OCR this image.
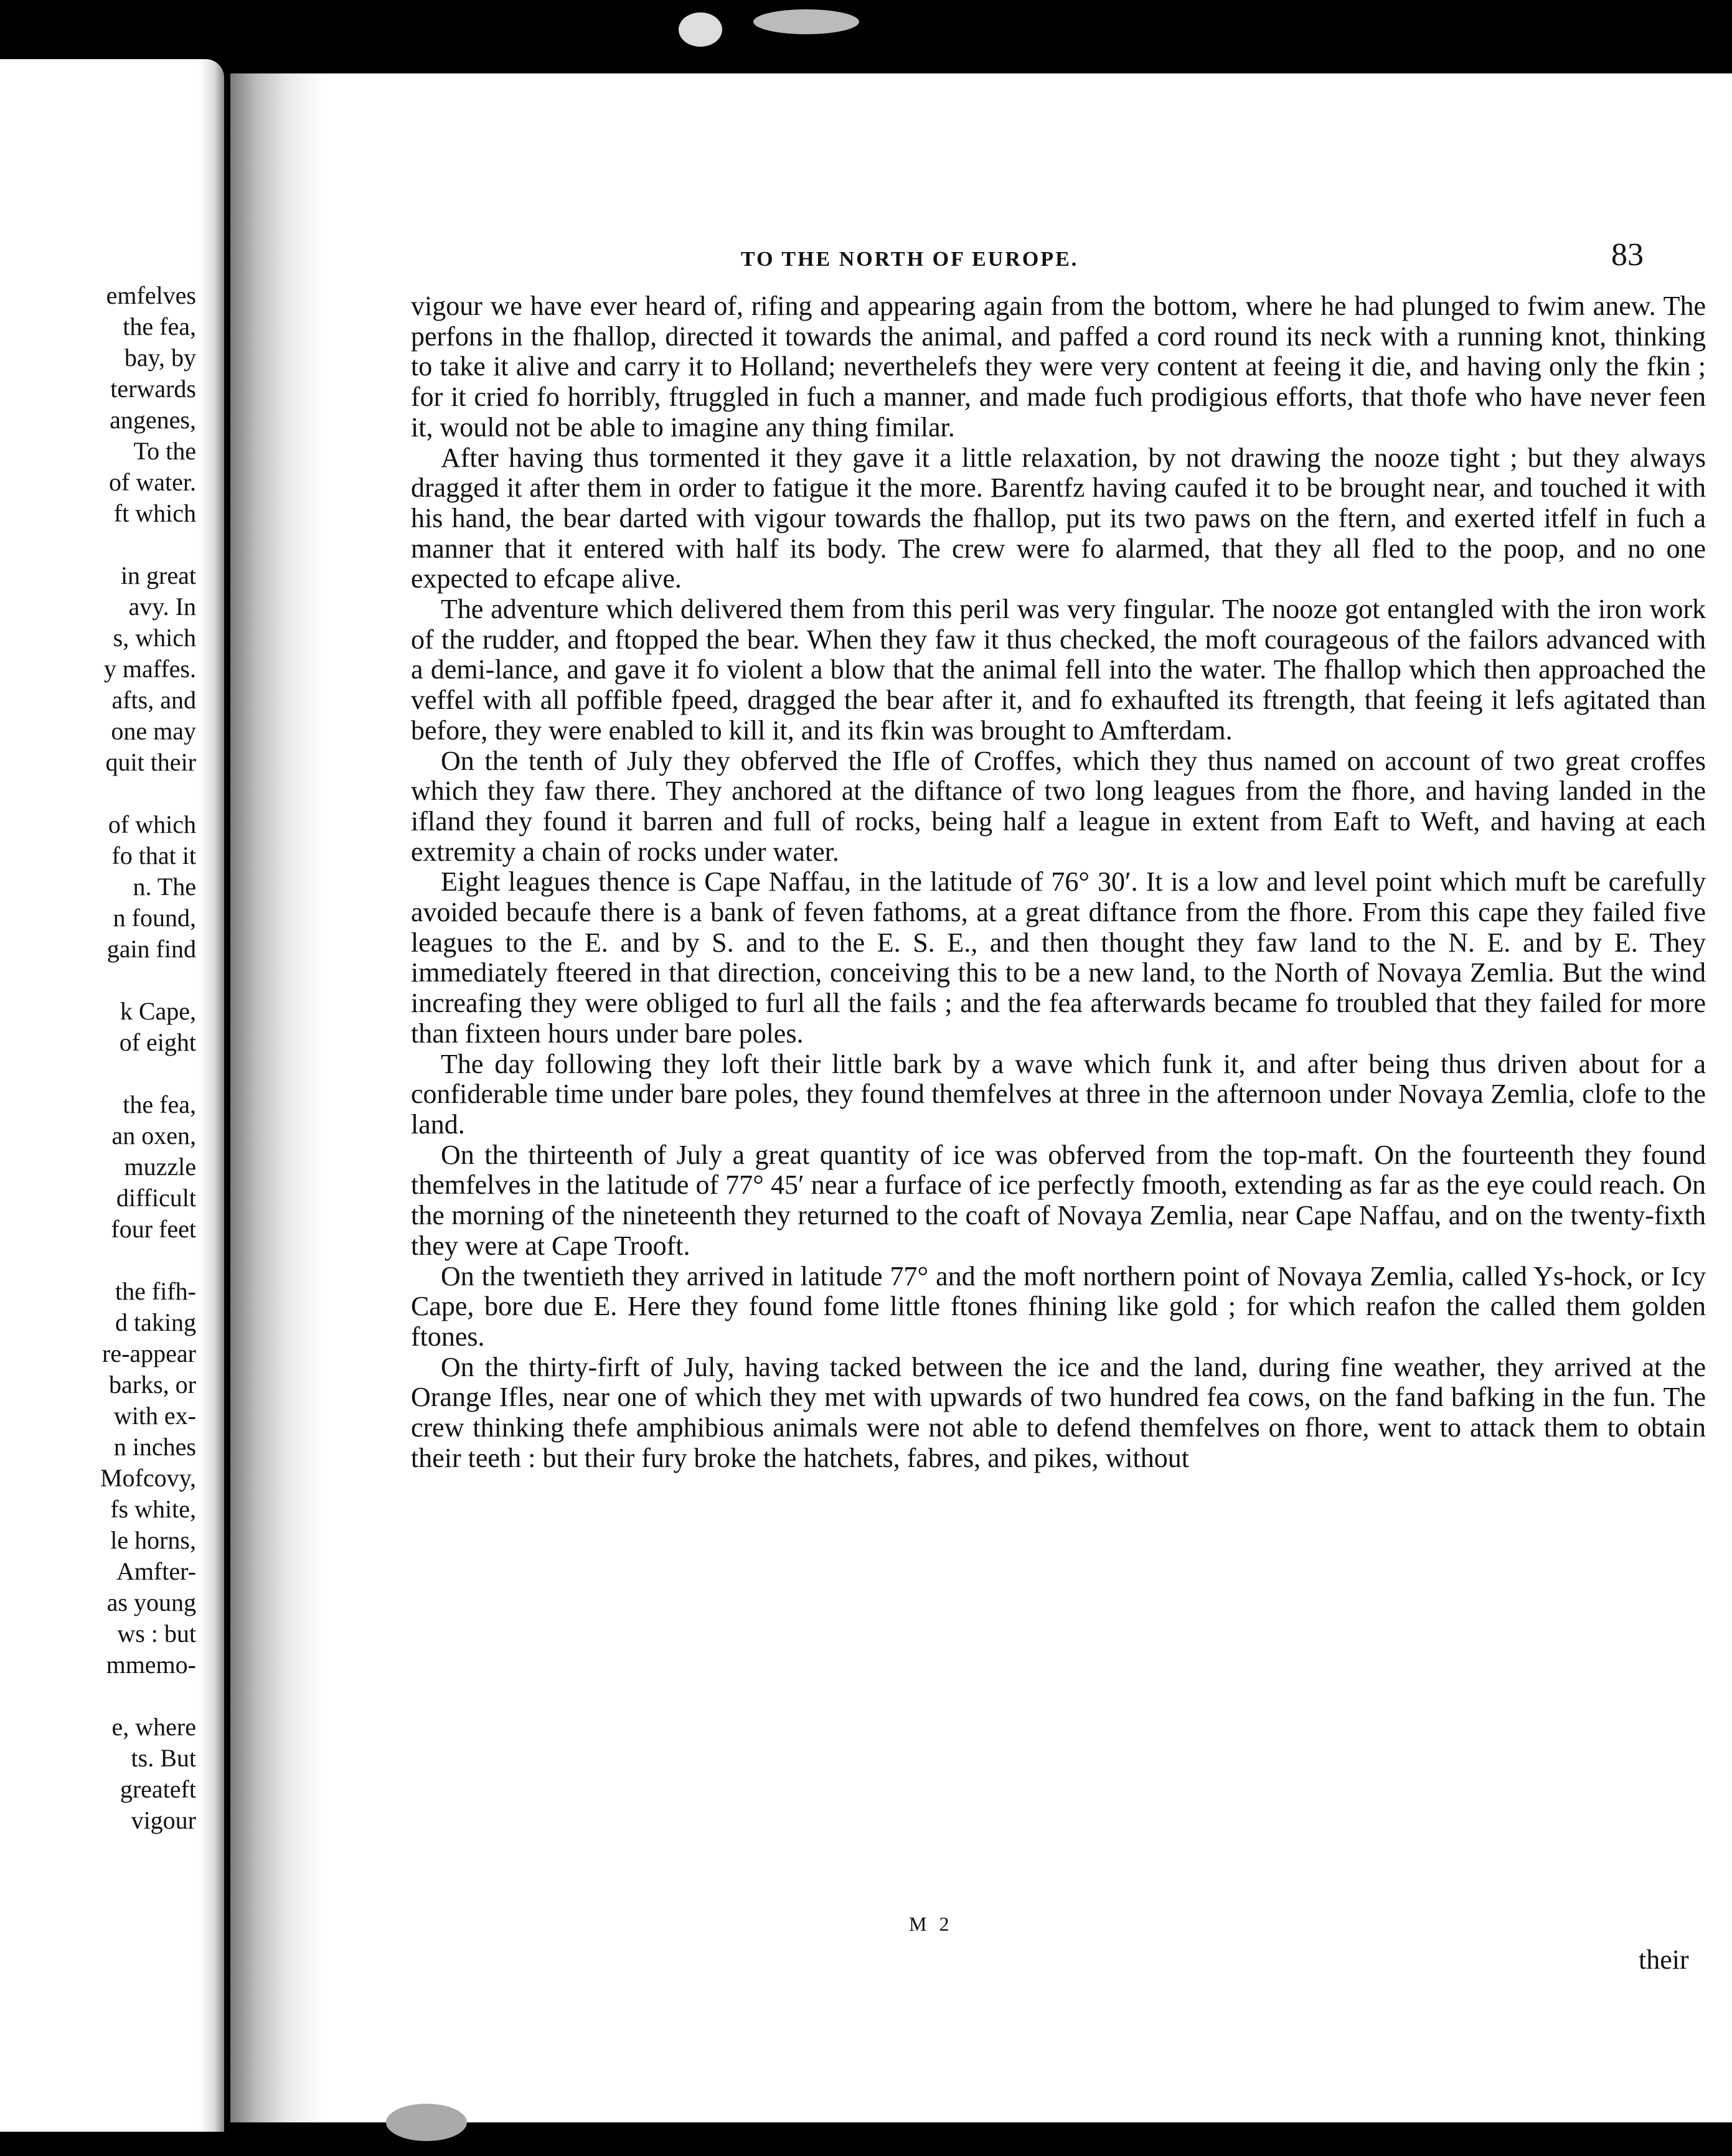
emfelves
the fea,
bay, by
terwards
angenes,
To the
of water.
ft which
in great
avy. In
s, which
y maffes.
afts, and
one may
quit their
of which
fo that it
n. The
n found,
gain find
k Cape,
of eight
the fea,
an oxen,
muzzle
difficult
four feet
the fifh-
d taking
re-appear
barks, or
with ex-
n inches
Mofcovy,
fs white,
le horns,
Amfter-
as young
ws : but
mmemo-
e, where
ts. But
greateft
vigour
TO THE NORTH OF EUROPE.	83

vigour we have ever heard of, rifing and appearing again from the bottom, where he had plunged to fwim anew. The perfons in the fhallop, directed it towards the animal, and paffed a cord round its neck with a running knot, thinking to take it alive and carry it to Holland; neverthelefs they were very content at feeing it die, and having only the fkin ; for it cried fo horribly, ftruggled in fuch a manner, and made fuch prodigious efforts, that thofe who have never feen it, would not be able to imagine any thing fimilar.

After having thus tormented it they gave it a little relaxation, by not drawing the nooze tight ; but they always dragged it after them in order to fatigue it the more. Barentfz having caufed it to be brought near, and touched it with his hand, the bear darted with vigour towards the fhallop, put its two paws on the ftern, and exerted itfelf in fuch a manner that it entered with half its body. The crew were fo alarmed, that they all fled to the poop, and no one expected to efcape alive.

The adventure which delivered them from this peril was very fingular. The nooze got entangled with the iron work of the rudder, and ftopped the bear. When they faw it thus checked, the moft courageous of the failors advanced with a demi-lance, and gave it fo violent a blow that the animal fell into the water. The fhallop which then approached the veffel with all poffible fpeed, dragged the bear after it, and fo exhaufted its ftrength, that feeing it lefs agitated than before, they were enabled to kill it, and its fkin was brought to Amfterdam.

On the tenth of July they obferved the Ifle of Croffes, which they thus named on account of two great croffes which they faw there. They anchored at the diftance of two long leagues from the fhore, and having landed in the ifland they found it barren and full of rocks, being half a league in extent from Eaft to Weft, and having at each extremity a chain of rocks under water.

Eight leagues thence is Cape Naffau, in the latitude of 76° 30′. It is a low and level point which muft be carefully avoided becaufe there is a bank of feven fathoms, at a great diftance from the fhore. From this cape they failed five leagues to the E. and by S. and to the E. S. E., and then thought they faw land to the N. E. and by E. They immediately fteered in that direction, conceiving this to be a new land, to the North of Novaya Zemlia. But the wind increafing they were obliged to furl all the fails ; and the fea afterwards became fo troubled that they failed for more than fixteen hours under bare poles.

The day following they loft their little bark by a wave which funk it, and after being thus driven about for a confiderable time under bare poles, they found themfelves at three in the afternoon under Novaya Zemlia, clofe to the land.

On the thirteenth of July a great quantity of ice was obferved from the top-maft. On the fourteenth they found themfelves in the latitude of 77° 45′ near a furface of ice perfectly fmooth, extending as far as the eye could reach. On the morning of the nineteenth they returned to the coaft of Novaya Zemlia, near Cape Naffau, and on the twenty-fixth they were at Cape Trooft.

On the twentieth they arrived in latitude 77° and the moft northern point of Novaya Zemlia, called Ys-hock, or Icy Cape, bore due E. Here they found fome little ftones fhining like gold ; for which reafon the called them golden ftones.

On the thirty-firft of July, having tacked between the ice and the land, during fine weather, they arrived at the Orange Ifles, near one of which they met with upwards of two hundred fea cows, on the fand bafking in the fun. The crew thinking thefe amphibious animals were not able to defend themfelves on fhore, went to attack them to obtain their teeth : but their fury broke the hatchets, fabres, and pikes, without

M 2
their
